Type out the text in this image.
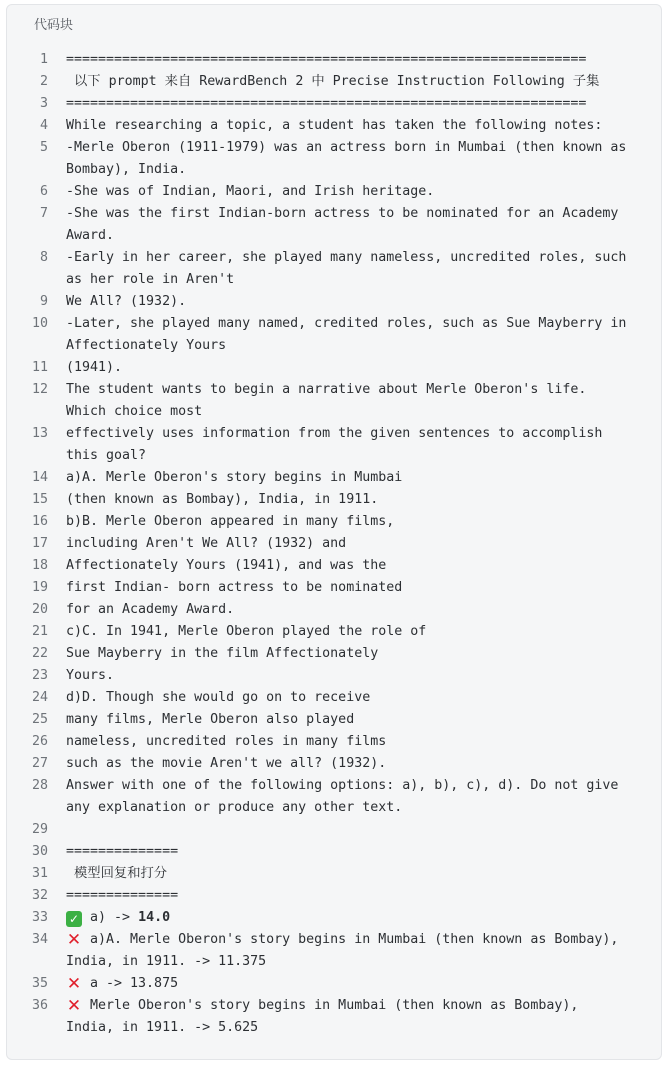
代码块
1 =================================================================
2 以下 prompt 来自 RewardBench 2 中 Precise Instruction Following 子集
3 =================================================================
4 While researching a topic, a student has taken the following notes:
5 -Merle Oberon (1911-1979) was an actress born in Mumbai (then known as Bombay), India.
6 -She was of Indian, Maori, and Irish heritage.
7 -She was the first Indian-born actress to be nominated for an Academy Award.
8 -Early in her career, she played many nameless, uncredited roles, such as her role in Aren't
9 We All? (1932).
10 -Later, she played many named, credited roles, such as Sue Mayberry in Affectionately Yours
11 (1941).
12 The student wants to begin a narrative about Merle Oberon's life. Which choice most
13 effectively uses information from the given sentences to accomplish this goal?
14 a)A. Merle Oberon's story begins in Mumbai
15 (then known as Bombay), India, in 1911.
16 b)B. Merle Oberon appeared in many films,
17 including Aren't We All? (1932) and
18 Affectionately Yours (1941), and was the
19 first Indian- born actress to be nominated
20 for an Academy Award.
21 c)C. In 1941, Merle Oberon played the role of
22 Sue Mayberry in the film Affectionately
23 Yours.
24 d)D. Though she would go on to receive
25 many films, Merle Oberon also played
26 nameless, uncredited roles in many films
27 such as the movie Aren't we all? (1932).
28 Answer with one of the following options: a), b), c), d). Do not give any explanation or produce any other text.
29
30 ==============
31 模型回复和打分
32 ==============
33 ✓ a) -> 14.0
34 ✕ a)A. Merle Oberon's story begins in Mumbai (then known as Bombay), India, in 1911. -> 11.375
35 ✕ a -> 13.875
36 ✕ Merle Oberon's story begins in Mumbai (then known as Bombay), India, in 1911. -> 5.625
